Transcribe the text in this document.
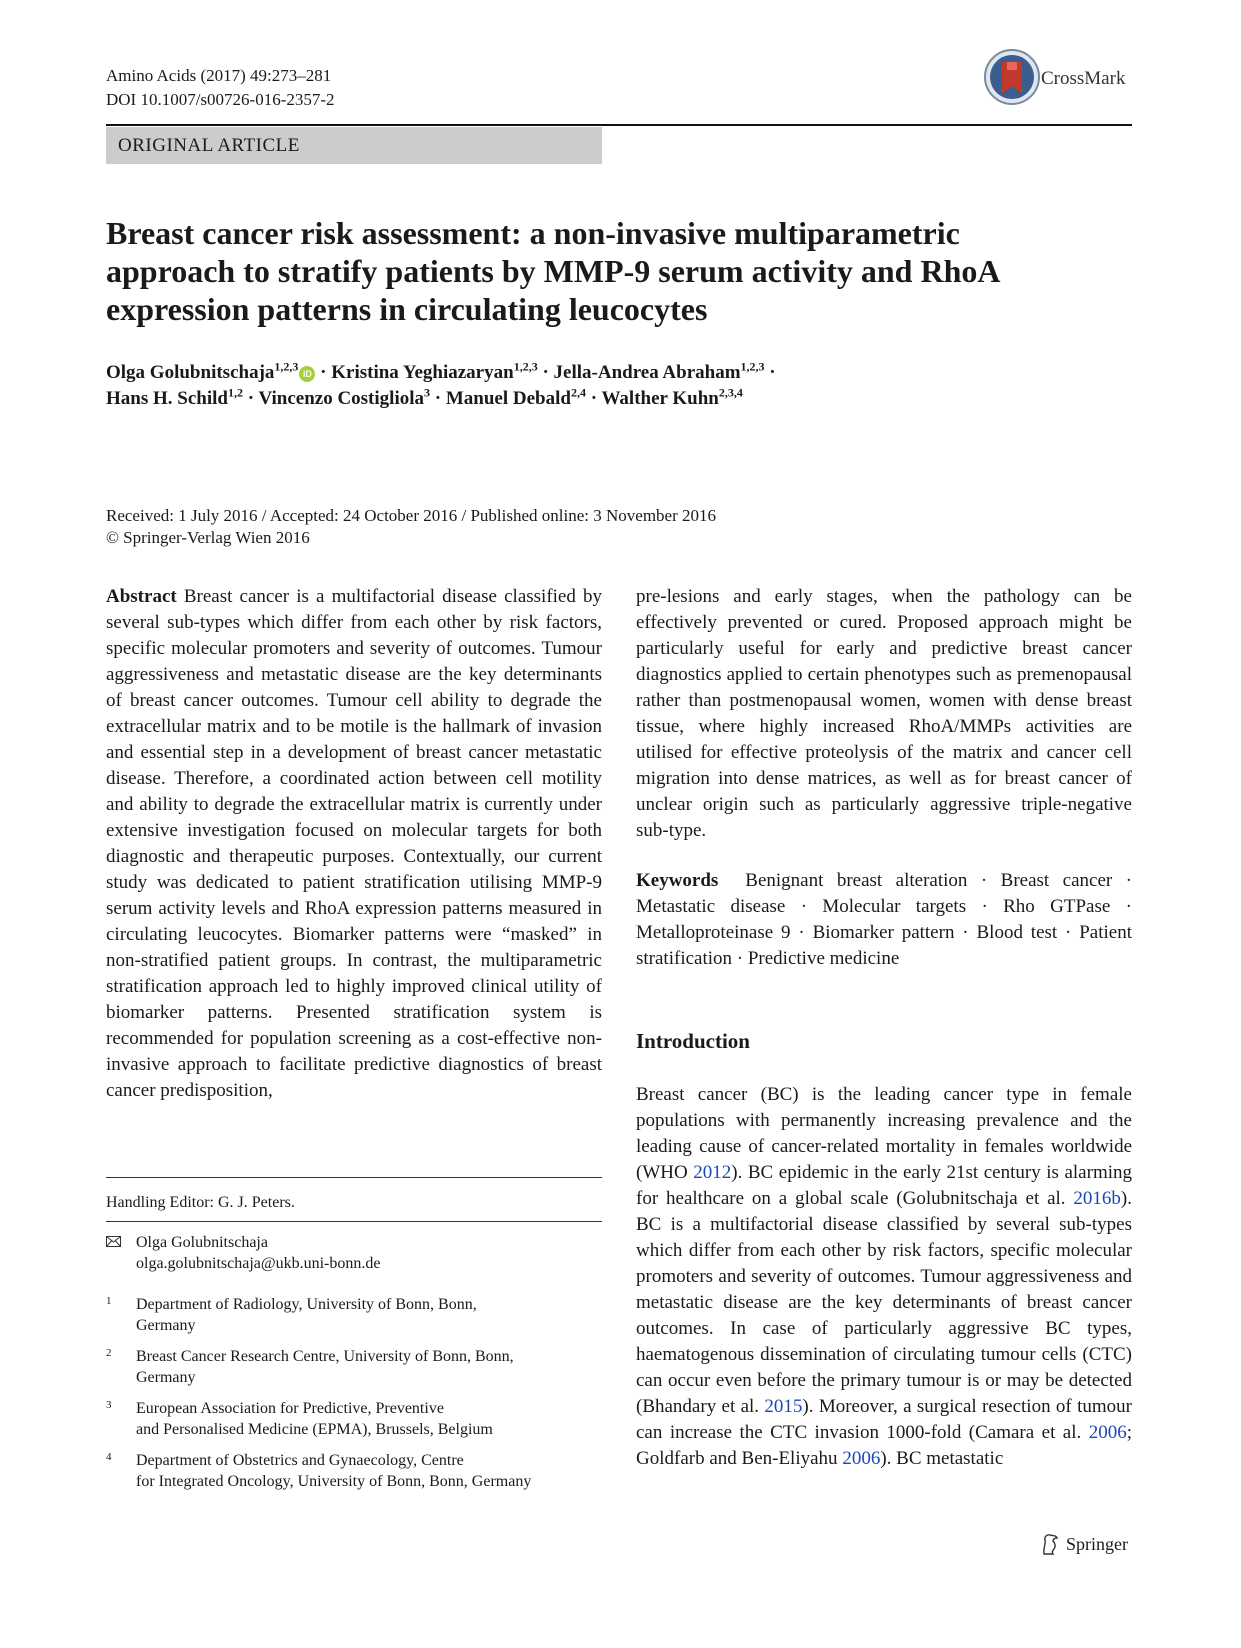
Amino Acids (2017) 49:273–281
DOI 10.1007/s00726-016-2357-2
CrossMark
ORIGINAL ARTICLE
Breast cancer risk assessment: a non-invasive multiparametric approach to stratify patients by MMP-9 serum activity and RhoA expression patterns in circulating leucocytes
Olga Golubnitschaja$^{1,2,3}$iD · Kristina Yeghiazaryan$^{1,2,3}$ · Jella-Andrea Abraham$^{1,2,3}$ ·
Hans H. Schild$^{1,2}$ · Vincenzo Costigliola$^3$ · Manuel Debald$^{2,4}$ · Walther Kuhn$^{2,3,4}$
Received: 1 July 2016 / Accepted: 24 October 2016 / Published online: 3 November 2016
© Springer-Verlag Wien 2016

Abstract Breast cancer is a multifactorial disease classified by several sub-types which differ from each other by risk factors, specific molecular promoters and severity of outcomes. Tumour aggressiveness and metastatic disease are the key determinants of breast cancer outcomes. Tumour cell ability to degrade the extracellular matrix and to be motile is the hallmark of invasion and essential step in a development of breast cancer metastatic disease. Therefore, a coordinated action between cell motility and ability to degrade the extracellular matrix is currently under extensive investigation focused on molecular targets for both diagnostic and therapeutic purposes. Contextually, our current study was dedicated to patient stratification utilising MMP-9 serum activity levels and RhoA expression patterns measured in circulating leucocytes. Biomarker patterns were “masked” in non-stratified patient groups. In contrast, the multiparametric stratification approach led to highly improved clinical utility of biomarker patterns. Presented stratification system is recommended for population screening as a cost-effective non-invasive approach to facilitate predictive diagnostics of breast cancer predisposition,

Handling Editor: G. J. Peters.
Olga Golubnitschaja
olga.golubnitschaja@ukb.uni-bonn.de
1 Department of Radiology, University of Bonn, Bonn,
Germany
2 Breast Cancer Research Centre, University of Bonn, Bonn,
Germany
3 European Association for Predictive, Preventive
and Personalised Medicine (EPMA), Brussels, Belgium
4 Department of Obstetrics and Gynaecology, Centre
for Integrated Oncology, University of Bonn, Bonn, Germany

pre-lesions and early stages, when the pathology can be effectively prevented or cured. Proposed approach might be particularly useful for early and predictive breast cancer diagnostics applied to certain phenotypes such as premenopausal rather than postmenopausal women, women with dense breast tissue, where highly increased RhoA/MMPs activities are utilised for effective proteolysis of the matrix and cancer cell migration into dense matrices, as well as for breast cancer of unclear origin such as particularly aggressive triple-negative sub-type.

Keywords Benignant breast alteration · Breast cancer · Metastatic disease · Molecular targets · Rho GTPase · Metalloproteinase 9 · Biomarker pattern · Blood test · Patient stratification · Predictive medicine

Introduction

Breast cancer (BC) is the leading cancer type in female populations with permanently increasing prevalence and the leading cause of cancer-related mortality in females worldwide (WHO 2012). BC epidemic in the early 21st century is alarming for healthcare on a global scale (Golubnitschaja et al. 2016b). BC is a multifactorial disease classified by several sub-types which differ from each other by risk factors, specific molecular promoters and severity of outcomes. Tumour aggressiveness and metastatic disease are the key determinants of breast cancer outcomes. In case of particularly aggressive BC types, haematogenous dissemination of circulating tumour cells (CTC) can occur even before the primary tumour is or may be detected (Bhandary et al. 2015). Moreover, a surgical resection of tumour can increase the CTC invasion 1000-fold (Camara et al. 2006; Goldfarb and Ben-Eliyahu 2006). BC metastatic

Springer
